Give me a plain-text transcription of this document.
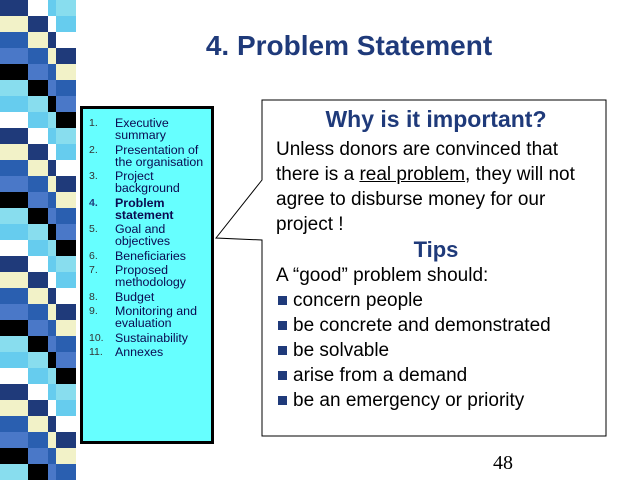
4. Problem Statement
1.	Executive summary
2.	Presentation of the organisation
3.	Project background
4.	Problem statement
5.	Goal and objectives
6.	Beneficiaries
7.	Proposed methodology
8.	Budget
9.	Monitoring and evaluation
10. Sustainability
11. Annexes
Why is it important?
Unless donors are convinced that there is a real problem, they will not agree to disburse money for our project !
Tips
A “good” problem should:
concern people
be concrete and demonstrated
be solvable
arise from a demand
be an emergency or priority
48
